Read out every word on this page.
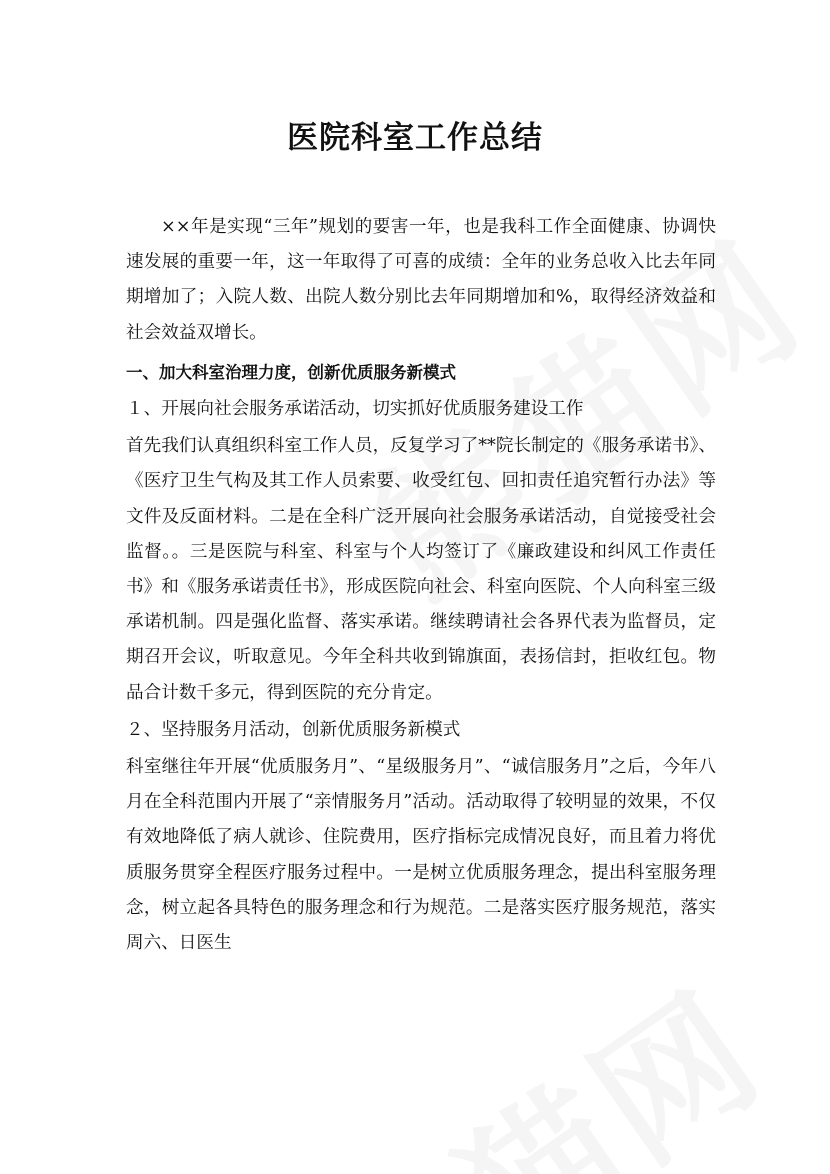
医院科室工作总结

××年是实现“三年”规划的要害一年，也是我科工作全面健康、协调快速发展的重要一年，这一年取得了可喜的成绩：全年的业务总收入比去年同期增加了；入院人数、出院人数分别比去年同期增加和%，取得经济效益和社会效益双增长。

一、加大科室治理力度，创新优质服务新模式

１、开展向社会服务承诺活动，切实抓好优质服务建设工作

首先我们认真组织科室工作人员，反复学习了**院长制定的《服务承诺书》、《医疗卫生气构及其工作人员索要、收受红包、回扣责任追究暂行办法》等文件及反面材料。二是在全科广泛开展向社会服务承诺活动，自觉接受社会监督。。三是医院与科室、科室与个人均签订了《廉政建设和纠风工作责任书》和《服务承诺责任书》，形成医院向社会、科室向医院、个人向科室三级承诺机制。四是强化监督、落实承诺。继续聘请社会各界代表为监督员，定期召开会议，听取意见。今年全科共收到锦旗面，表扬信封，拒收红包。物品合计数千多元，得到医院的充分肯定。

２、坚持服务月活动，创新优质服务新模式

科室继往年开展“优质服务月”、“星级服务月”、“诚信服务月”之后，今年八月在全科范围内开展了“亲情服务月”活动。活动取得了较明显的效果，不仅有效地降低了病人就诊、住院费用，医疗指标完成情况良好，而且着力将优质服务贯穿全程医疗服务过程中。一是树立优质服务理念，提出科室服务理念，树立起各具特色的服务理念和行为规范。二是落实医疗服务规范，落实周六、日医生
